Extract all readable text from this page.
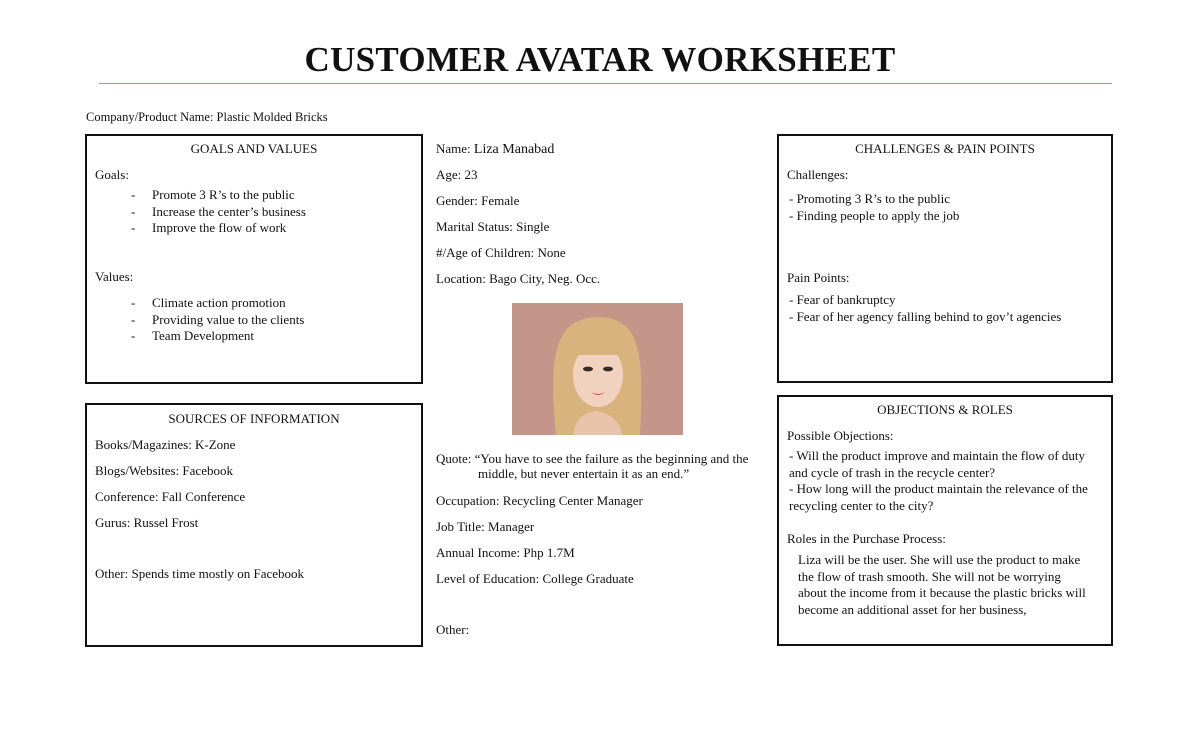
CUSTOMER AVATAR WORKSHEET
Company/Product Name: Plastic Molded Bricks
GOALS AND VALUES
Goals:
- Promote 3 R’s to the public
- Increase the center’s business
- Improve the flow of work
Values:
- Climate action promotion
- Providing value to the clients
- Team Development
SOURCES OF INFORMATION
Books/Magazines: K-Zone
Blogs/Websites: Facebook
Conference: Fall Conference
Gurus: Russel Frost
Other: Spends time mostly on Facebook
Name: Liza Manabad
Age: 23
Gender: Female
Marital Status: Single
#/Age of Children: None
Location: Bago City, Neg. Occ.
Quote: “You have to see the failure as the beginning and the
middle, but never entertain it as an end.”
Occupation: Recycling Center Manager
Job Title: Manager
Annual Income: Php 1.7M
Level of Education: College Graduate
Other:
CHALLENGES & PAIN POINTS
Challenges:
- Promoting 3 R’s to the public
- Finding people to apply the job
Pain Points:
- Fear of bankruptcy
- Fear of her agency falling behind to gov’t agencies
OBJECTIONS & ROLES
Possible Objections:
- Will the product improve and maintain the flow of duty
and cycle of trash in the recycle center?
- How long will the product maintain the relevance of the
recycling center to the city?
Roles in the Purchase Process:
Liza will be the user. She will use the product to make
the flow of trash smooth. She will not be worrying
about the income from it because the plastic bricks will
become an additional asset for her business,
